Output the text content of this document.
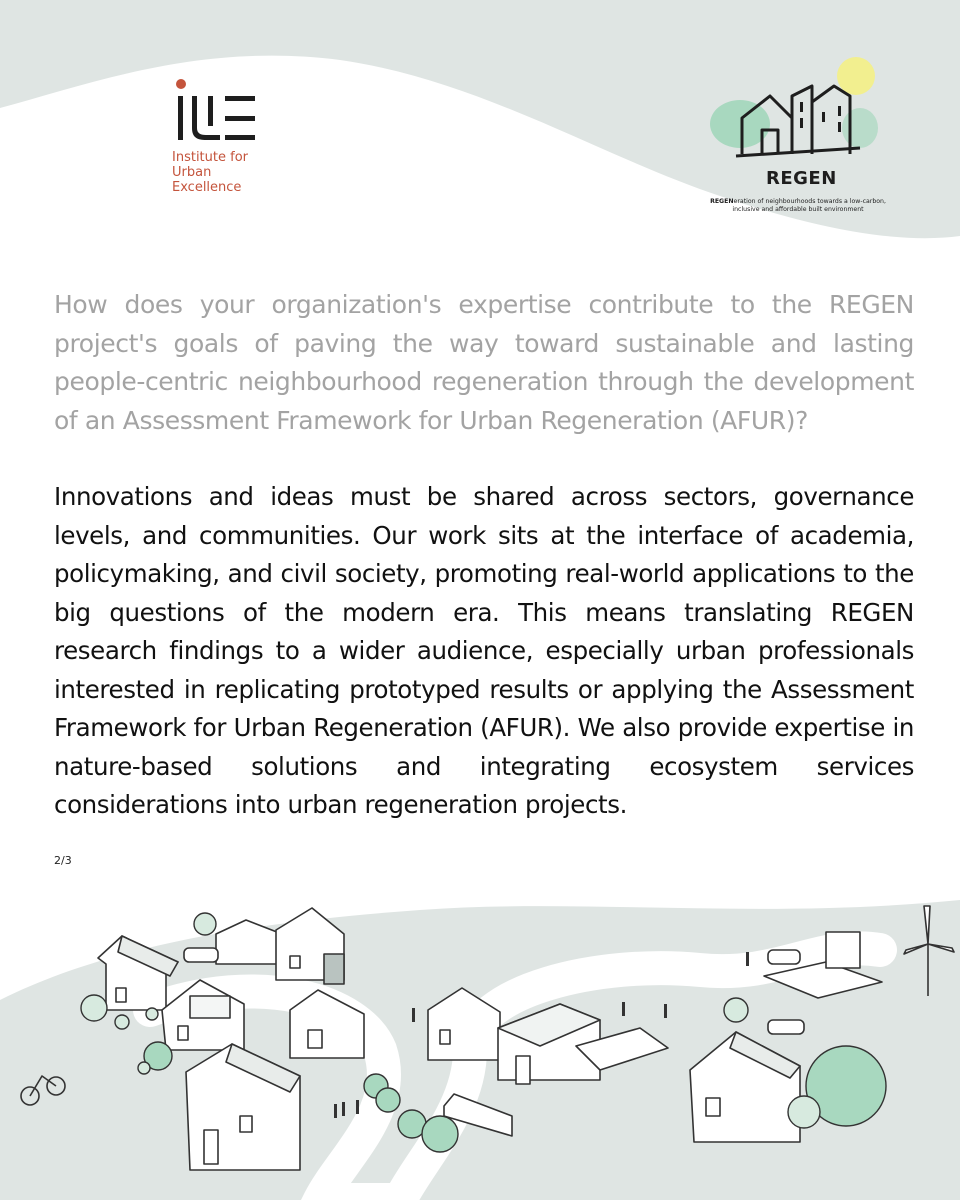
Institute for
Urban
Excellence	REGEN
REGENeration of neighbourhoods towards a low-carbon, inclusive and affordable built environment
How does your organization's expertise contribute to the REGEN project's goals of paving the way toward sustainable and lasting people-centric neighbourhood regeneration through the development of an Assessment Framework for Urban Regeneration (AFUR)?
Innovations and ideas must be shared across sectors, governance levels, and communities. Our work sits at the interface of academia, policymaking, and civil society, promoting real-world applications to the big questions of the modern era. This means translating REGEN research findings to a wider audience, especially urban professionals interested in replicating prototyped results or applying the Assessment Framework for Urban Regeneration (AFUR). We also provide expertise in nature-based solutions and integrating ecosystem services considerations into urban regeneration projects.
2/3
